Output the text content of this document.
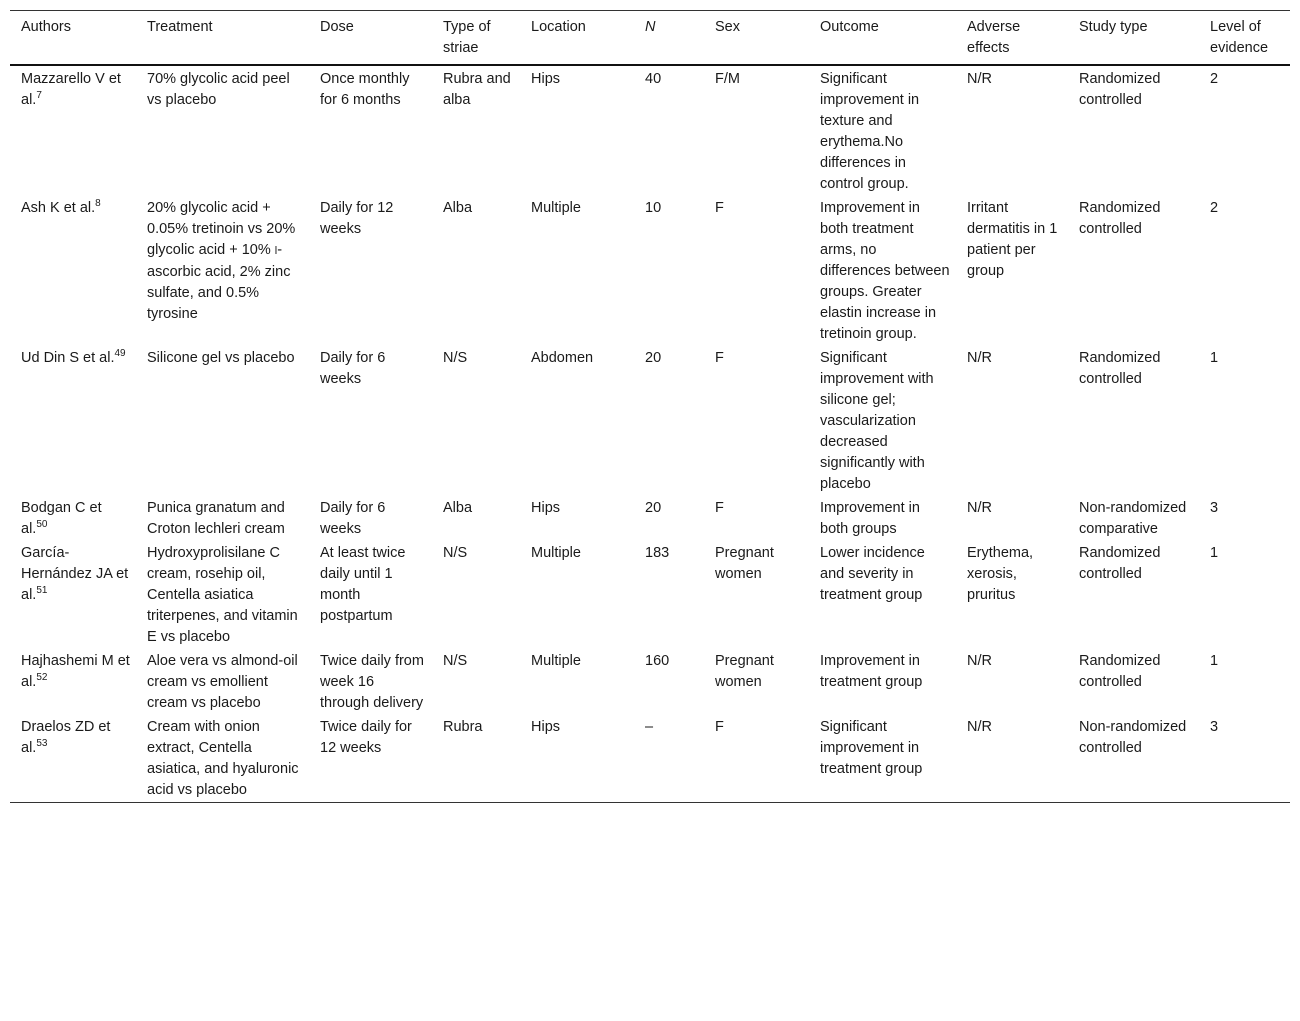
Authors	Treatment	Dose	Type of striae	Location	N	Sex	Outcome	Adverse effects	Study type	Level of evidence
Mazzarello V et al.$^7$	70% glycolic acid peel vs placebo	Once monthly for 6 months	Rubra and alba	Hips	40	F/M	Significant improvement in texture and erythema.No differences in control group.	N/R	Randomized controlled	2
Ash K et al.$^8$	20% glycolic acid + 0.05% tretinoin vs 20% glycolic acid + 10% l-ascorbic acid, 2% zinc sulfate, and 0.5% tyrosine	Daily for 12 weeks	Alba	Multiple	10	F	Improvement in both treatment arms, no differences between groups. Greater elastin increase in tretinoin group.	Irritant dermatitis in 1 patient per group	Randomized controlled	2
Ud Din S et al.$^{49}$	Silicone gel vs placebo	Daily for 6 weeks	N/S	Abdomen	20	F	Significant improvement with silicone gel; vascularization decreased significantly with placebo	N/R	Randomized controlled	1
Bodgan C et al.$^{50}$	Punica granatum and Croton lechleri cream	Daily for 6 weeks	Alba	Hips	20	F	Improvement in both groups	N/R	Non-randomized comparative	3
García-Hernández JA et al.$^{51}$	Hydroxyprolisilane C cream, rosehip oil, Centella asiatica triterpenes, and vitamin E vs placebo	At least twice daily until 1 month postpartum	N/S	Multiple	183	Pregnant women	Lower incidence and severity in treatment group	Erythema, xerosis, pruritus	Randomized controlled	1
Hajhashemi M et al.$^{52}$	Aloe vera vs almond-oil cream vs emollient cream vs placebo	Twice daily from week 16 through delivery	N/S	Multiple	160	Pregnant women	Improvement in treatment group	N/R	Randomized controlled	1
Draelos ZD et al.$^{53}$	Cream with onion extract, Centella asiatica, and hyaluronic acid vs placebo	Twice daily for 12 weeks	Rubra	Hips	–	F	Significant improvement in treatment group	N/R	Non-randomized controlled	3
